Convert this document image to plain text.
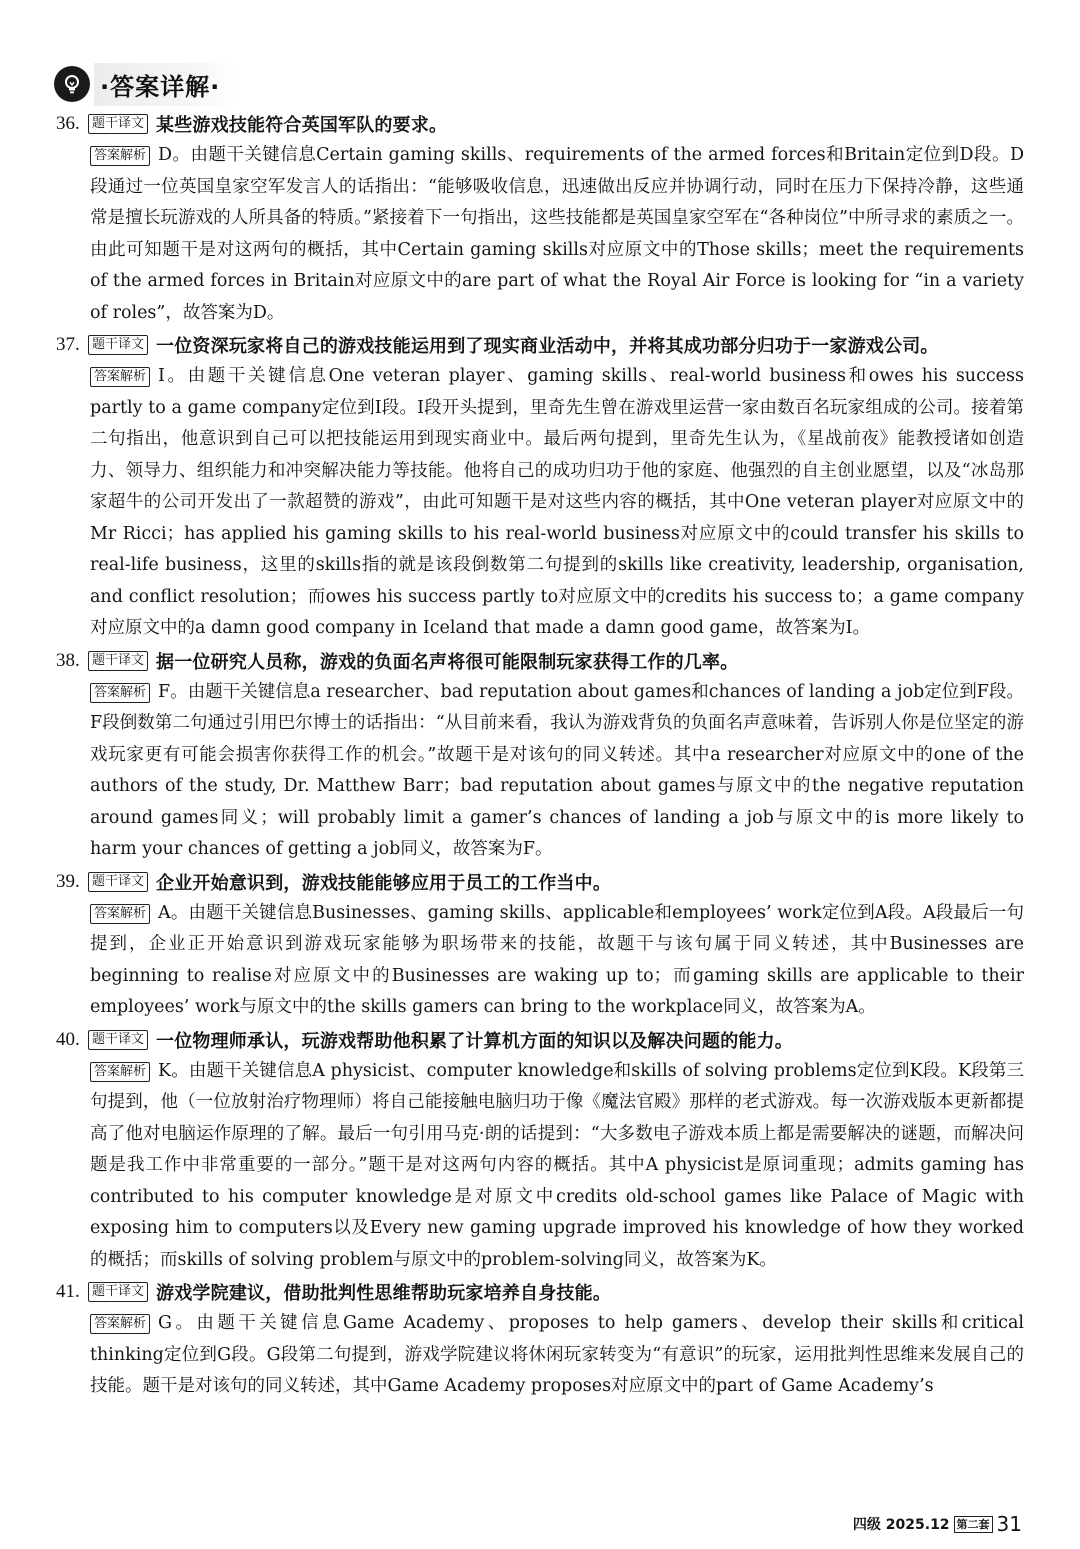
·答案详解·
36. 题干译文 某些游戏技能符合英国军队的要求。
答案解析 D。由题干关键信息Certain gaming skills、requirements of the armed forces和Britain定位到D段。D段通过一位英国皇家空军发言人的话指出：“能够吸收信息，迅速做出反应并协调行动，同时在压力下保持冷静，这些通常是擅长玩游戏的人所具备的特质。”紧接着下一句指出，这些技能都是英国皇家空军在“各种岗位”中所寻求的素质之一。由此可知题干是对这两句的概括，其中Certain gaming skills对应原文中的Those skills；meet the requirements of the armed forces in Britain对应原文中的are part of what the Royal Air Force is looking for “in a variety of roles”，故答案为D。
37. 题干译文 一位资深玩家将自己的游戏技能运用到了现实商业活动中，并将其成功部分归功于一家游戏公司。
答案解析 I。由题干关键信息One veteran player、gaming skills、real-world business和owes his success partly to a game company定位到I段。I段开头提到，里奇先生曾在游戏里运营一家由数百名玩家组成的公司。接着第二句指出，他意识到自己可以把技能运用到现实商业中。最后两句提到，里奇先生认为，《星战前夜》能教授诸如创造力、领导力、组织能力和冲突解决能力等技能。他将自己的成功归功于他的家庭、他强烈的自主创业愿望，以及“冰岛那家超牛的公司开发出了一款超赞的游戏”，由此可知题干是对这些内容的概括，其中One veteran player对应原文中的Mr Ricci；has applied his gaming skills to his real-world business对应原文中的could transfer his skills to real-life business，这里的skills指的就是该段倒数第二句提到的skills like creativity, leadership, organisation, and conflict resolution；而owes his success partly to对应原文中的credits his success to；a game company对应原文中的a damn good company in Iceland that made a damn good game，故答案为I。
38. 题干译文 据一位研究人员称，游戏的负面名声将很可能限制玩家获得工作的几率。
答案解析 F。由题干关键信息a researcher、bad reputation about games和chances of landing a job定位到F段。F段倒数第二句通过引用巴尔博士的话指出：“从目前来看，我认为游戏背负的负面名声意味着，告诉别人你是位坚定的游戏玩家更有可能会损害你获得工作的机会。”故题干是对该句的同义转述。其中a researcher对应原文中的one of the authors of the study, Dr. Matthew Barr；bad reputation about games与原文中的the negative reputation around games同义；will probably limit a gamer’s chances of landing a job与原文中的is more likely to harm your chances of getting a job同义，故答案为F。
39. 题干译文 企业开始意识到，游戏技能能够应用于员工的工作当中。
答案解析 A。由题干关键信息Businesses、gaming skills、applicable和employees’ work定位到A段。A段最后一句提到，企业正开始意识到游戏玩家能够为职场带来的技能，故题干与该句属于同义转述，其中Businesses are beginning to realise对应原文中的Businesses are waking up to；而gaming skills are applicable to their employees’ work与原文中的the skills gamers can bring to the workplace同义，故答案为A。
40. 题干译文 一位物理师承认，玩游戏帮助他积累了计算机方面的知识以及解决问题的能力。
答案解析 K。由题干关键信息A physicist、computer knowledge和skills of solving problems定位到K段。K段第三句提到，他（一位放射治疗物理师）将自己能接触电脑归功于像《魔法官殿》那样的老式游戏。每一次游戏版本更新都提高了他对电脑运作原理的了解。最后一句引用马克·朗的话提到：“大多数电子游戏本质上都是需要解决的谜题，而解决问题是我工作中非常重要的一部分。”题干是对这两句内容的概括。其中A physicist是原词重现；admits gaming has contributed to his computer knowledge是对原文中credits old-school games like Palace of Magic with exposing him to computers以及Every new gaming upgrade improved his knowledge of how they worked的概括；而skills of solving problem与原文中的problem-solving同义，故答案为K。
41. 题干译文 游戏学院建议，借助批判性思维帮助玩家培养自身技能。
答案解析 G。由题干关键信息Game Academy、proposes to help gamers、develop their skills和critical thinking定位到G段。G段第二句提到，游戏学院建议将休闲玩家转变为“有意识”的玩家，运用批判性思维来发展自己的技能。题干是对该句的同义转述，其中Game Academy proposes对应原文中的part of Game Academy’s
四级 2025.12 第二套 31
